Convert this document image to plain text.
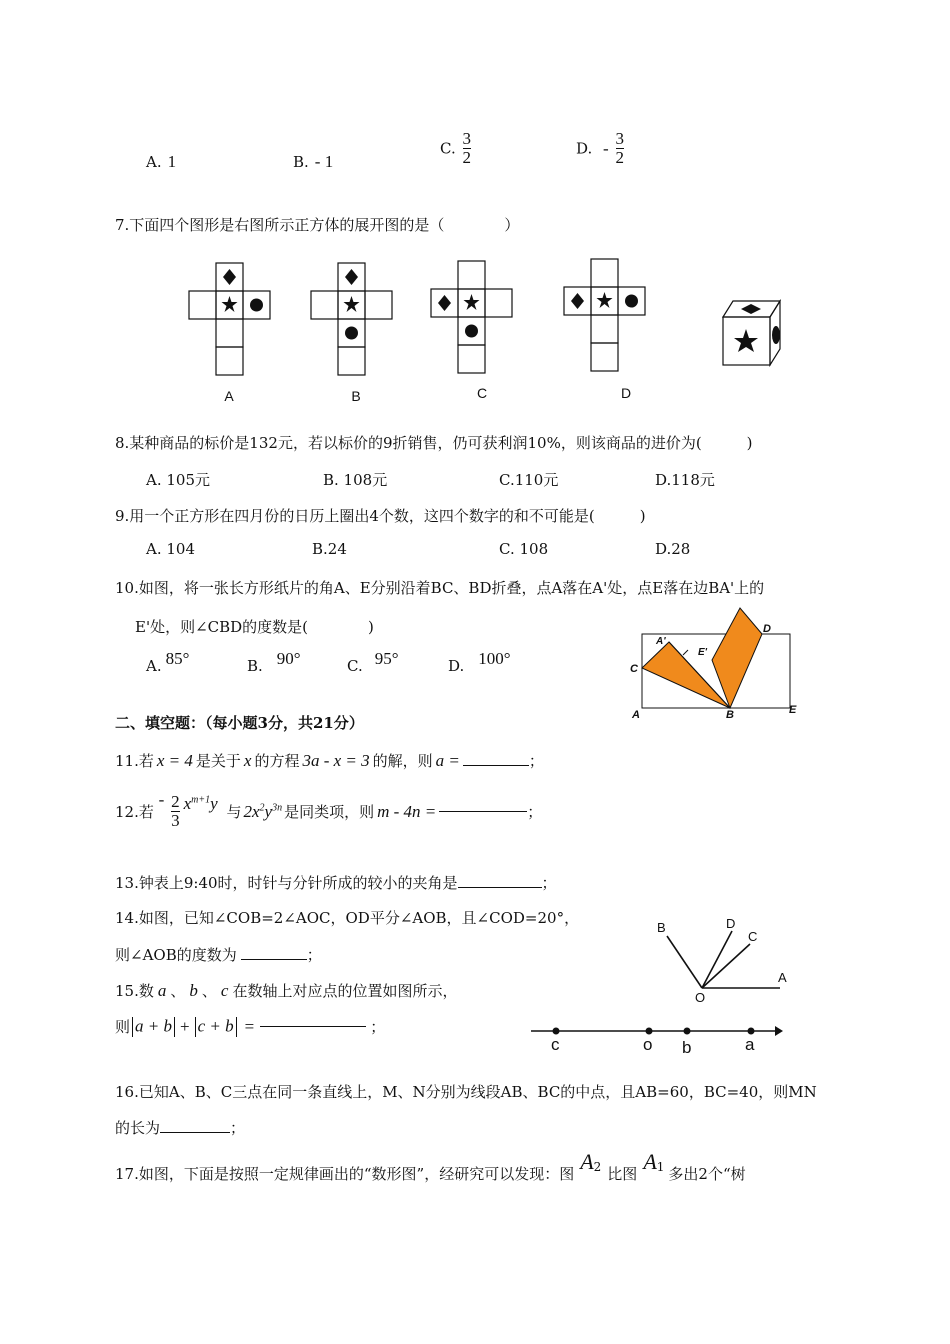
A. 1	B. - 1
C. $\frac{3}{2}$	D. - $\frac{3}{2}$
7.下面四个图形是右图所示正方体的展开图的是（　　　　）
A	B	C	D
8.某种商品的标价是132元，若以标价的9折销售，仍可获利润10%，则该商品的进价为(　　　)
A. 105元	B. 108元	C.110元	D.118元
9.用一个正方形在四月份的日历上圈出4个数，这四个数字的和不可能是(　　　)
A. 104	B.24	C. 108	D.28
10.如图，将一张长方形纸片的角A、E分别沿着BC、BD折叠，点A落在A'处，点E落在边BA'上的
E'处，则∠CBD的度数是(　　　　)
A. 85°	B. 90°	C. 95°	D. 100°
C
A'
E'
D
A	B	E
二、填空题：（每小题3分，共21分）
11.若 x = 4 是关于 x 的方程 3a - x = 3 的解，则 a =	；
12.若 - $\frac{2}{3} x^{m+1}y$ 与 $2x^2y^{3n}$ 是同类项，则 m - 4n =	；
13.钟表上9:40时，时针与分针所成的较小的夹角是	；
14.如图，已知∠COB=2∠AOC，OD平分∠AOB，且∠COD=20°，
则∠AOB的度数为	；
A
C
D
B
O
15.数 a 、 b 、 c 在数轴上对应点的位置如图所示，
则 a + b + c + b =	；
c	o b	a
16.已知A、B、C三点在同一条直线上，M、N分别为线段AB、BC的中点，且AB=60，BC=40，则MN
的长为	；
17.如图，下面是按照一定规律画出的“数形图”，经研究可以发现：图 $A_2$ 比图 $A_1$ 多出2个“树
